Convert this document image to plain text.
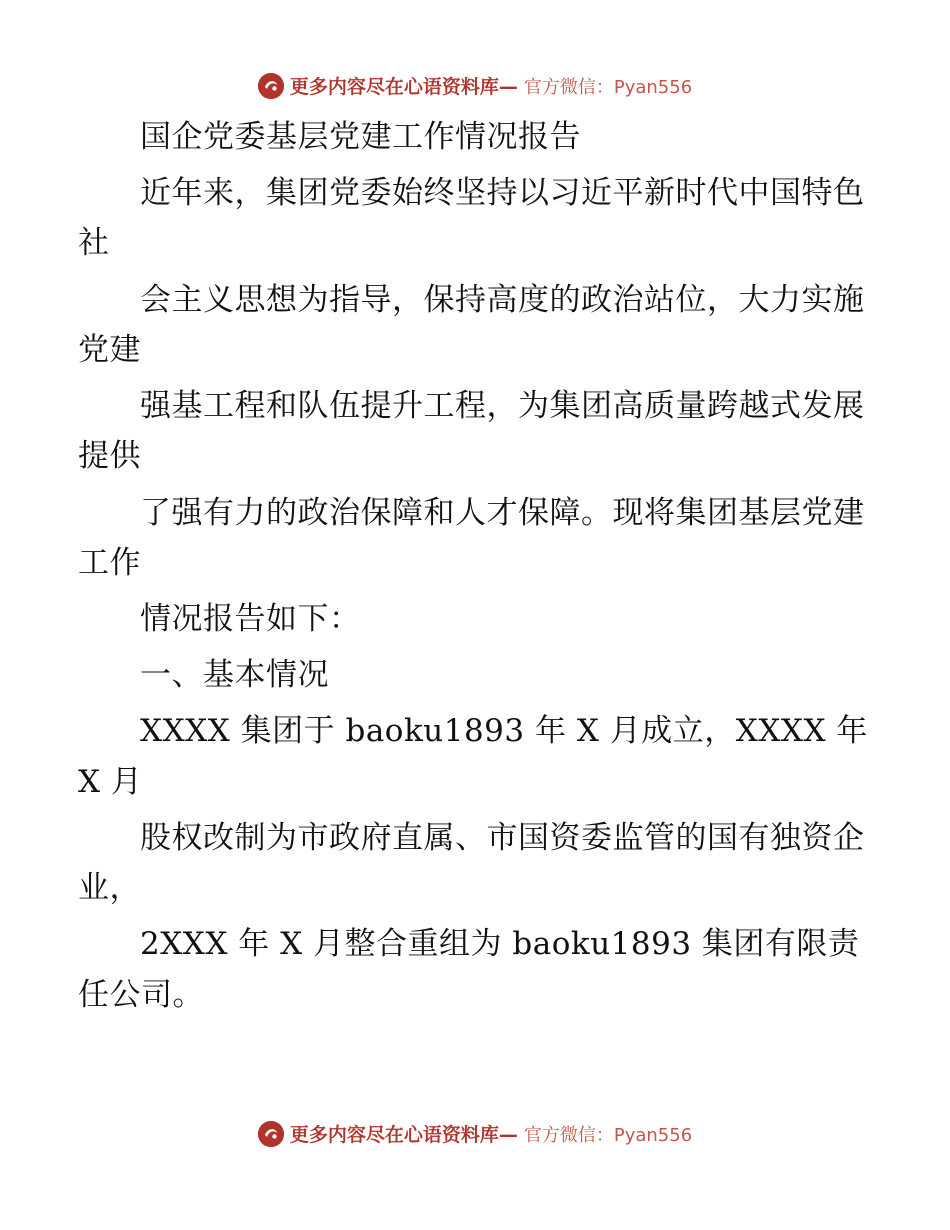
更多内容尽在心语资料库— 官方微信：Pyan556

国企党委基层党建工作情况报告

近年来，集团党委始终坚持以习近平新时代中国特色社

会主义思想为指导，保持高度的政治站位，大力实施党建

强基工程和队伍提升工程，为集团高质量跨越式发展提供

了强有力的政治保障和人才保障。现将集团基层党建工作

情况报告如下：

一、基本情况

XXXX 集团于 baoku1893 年 X 月成立，XXXX 年 X 月

股权改制为市政府直属、市国资委监管的国有独资企业，

2XXX 年 X 月整合重组为 baoku1893 集团有限责任公司。

更多内容尽在心语资料库— 官方微信：Pyan556
